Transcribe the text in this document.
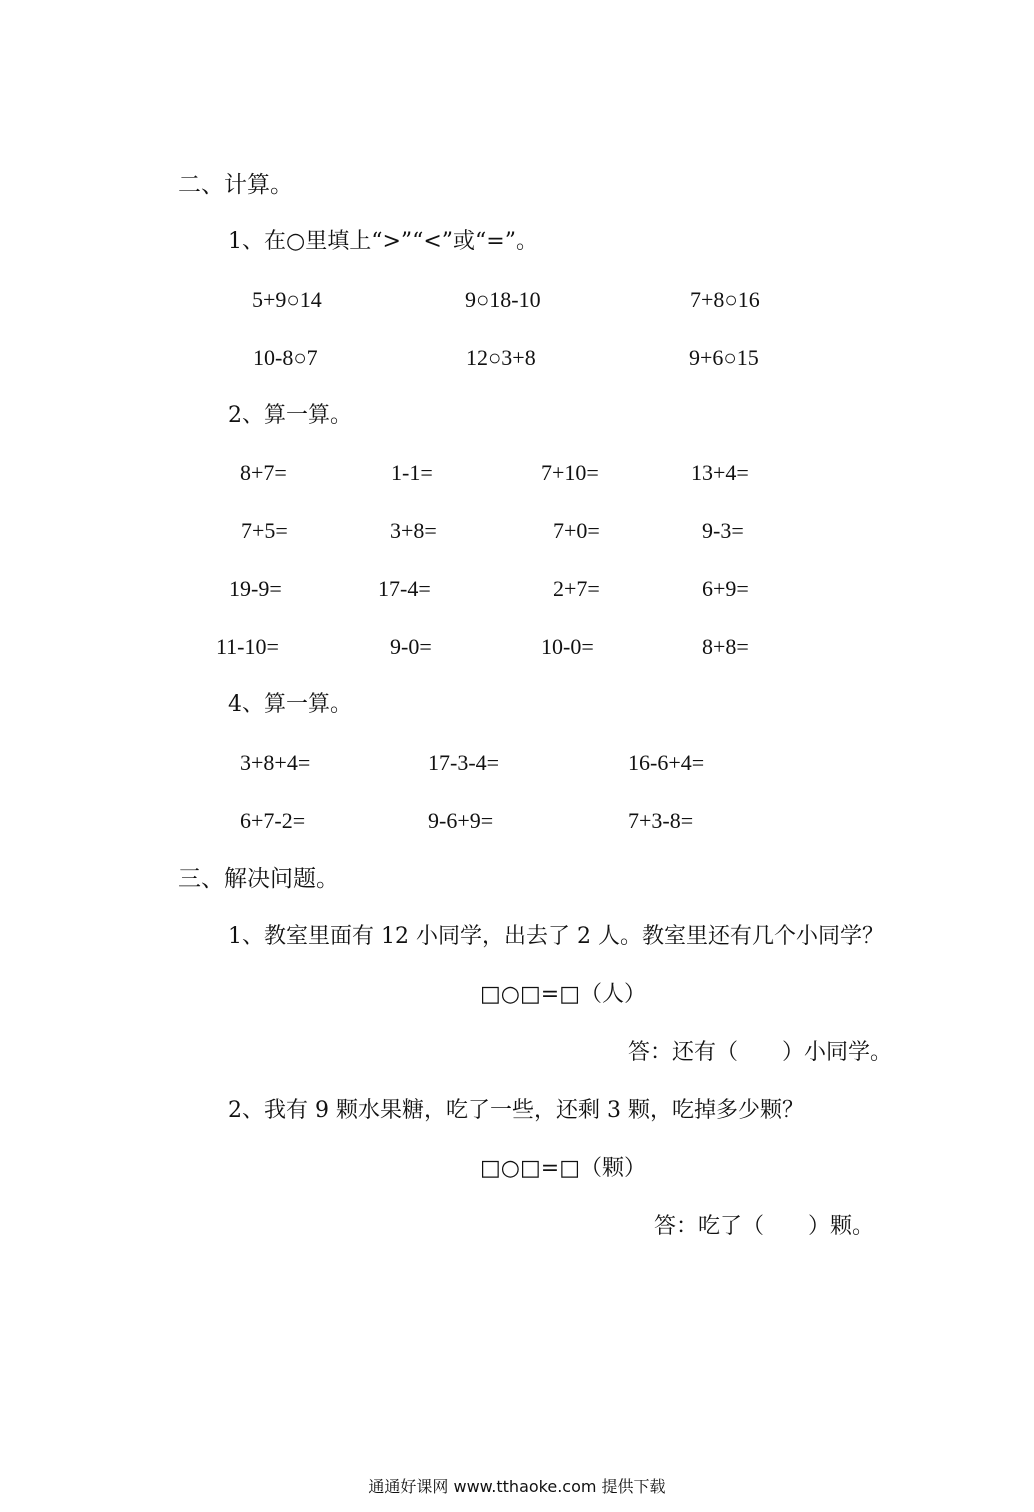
二、计算。
1、在○里填上“>”“<”或“=”。
5+9○14	9○18-10	7+8○16
10-8○7	12○3+8	9+6○15
2、算一算。
8+7=	1-1=	7+10=	13+4=
7+5=	3+8=	7+0=	9-3=
19-9=	17-4=	2+7=	6+9=
11-10=	9-0=	10-0=	8+8=
4、算一算。
3+8+4=	17-3-4=	16-6+4=
6+7-2=	9-6+9=	7+3-8=
三、解决问题。
1、教室里面有 12 小同学，出去了 2 人。教室里还有几个小同学？
□○□=□（人）
答：还有（　　）小同学。
2、我有 9 颗水果糖，吃了一些，还剩 3 颗，吃掉多少颗？
□○□=□（颗）
答：吃了（　　）颗。
通通好课网 www.tthaoke.com 提供下载
